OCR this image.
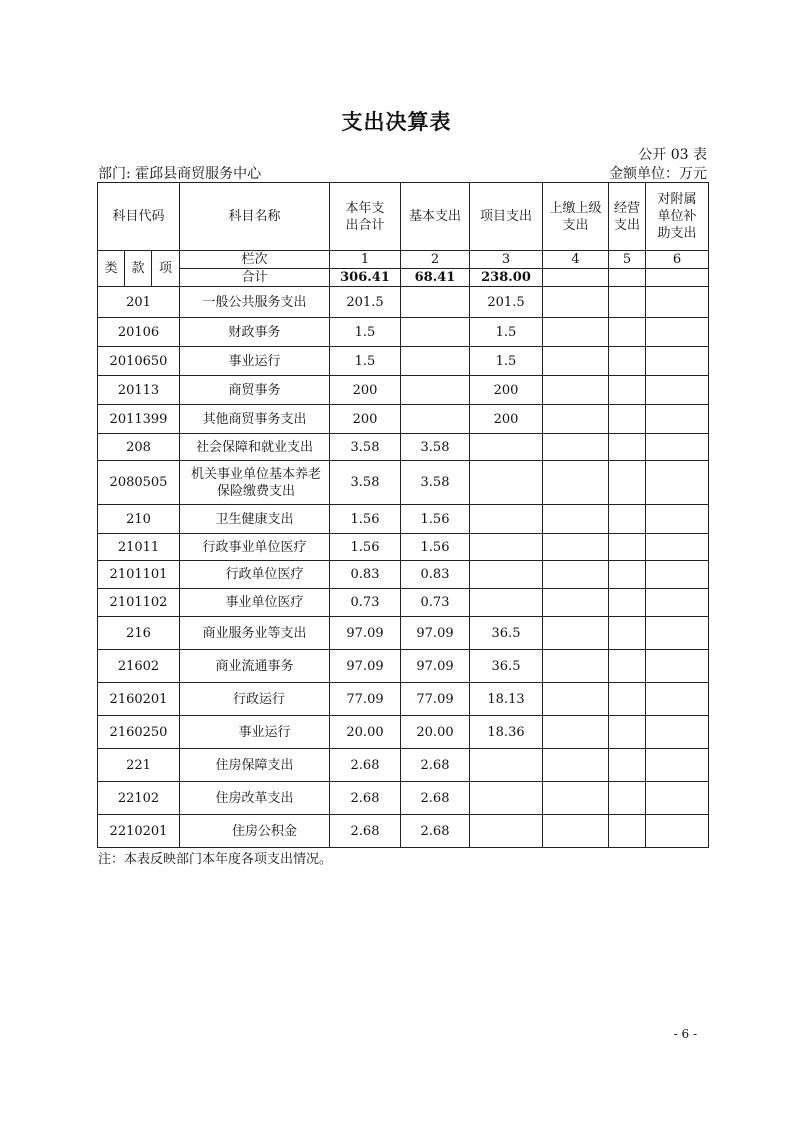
支出决算表
公开 03 表
部门: 霍邱县商贸服务中心	金额单位：万元
科目代码			科目名称	本年支出合计	基本支出	项目支出	上缴上级支出	经营支出	对附属单位补助支出
类	款	项	栏次	1	2	3	4	5	6
			合计	306.41	68.41	238.00			
201			一般公共服务支出	201.5		201.5			
20106			财政事务	1.5		1.5			
2010650			事业运行	1.5		1.5			
20113			商贸事务	200		200			
2011399			其他商贸事务支出	200		200			
208			社会保障和就业支出	3.58	3.58				
2080505			机关事业单位基本养老保险缴费支出	3.58	3.58				
210			卫生健康支出	1.56	1.56				
21011			行政事业单位医疗	1.56	1.56				
2101101			行政单位医疗	0.83	0.83				
2101102			事业单位医疗	0.73	0.73				
216			商业服务业等支出	97.09	97.09	36.5			
21602			商业流通事务	97.09	97.09	36.5			
2160201			行政运行	77.09	77.09	18.13			
2160250			事业运行	20.00	20.00	18.36			
221			住房保障支出	2.68	2.68				
22102			住房改革支出	2.68	2.68				
2210201			住房公积金	2.68	2.68				
注：本表反映部门本年度各项支出情况。
- 6 -
